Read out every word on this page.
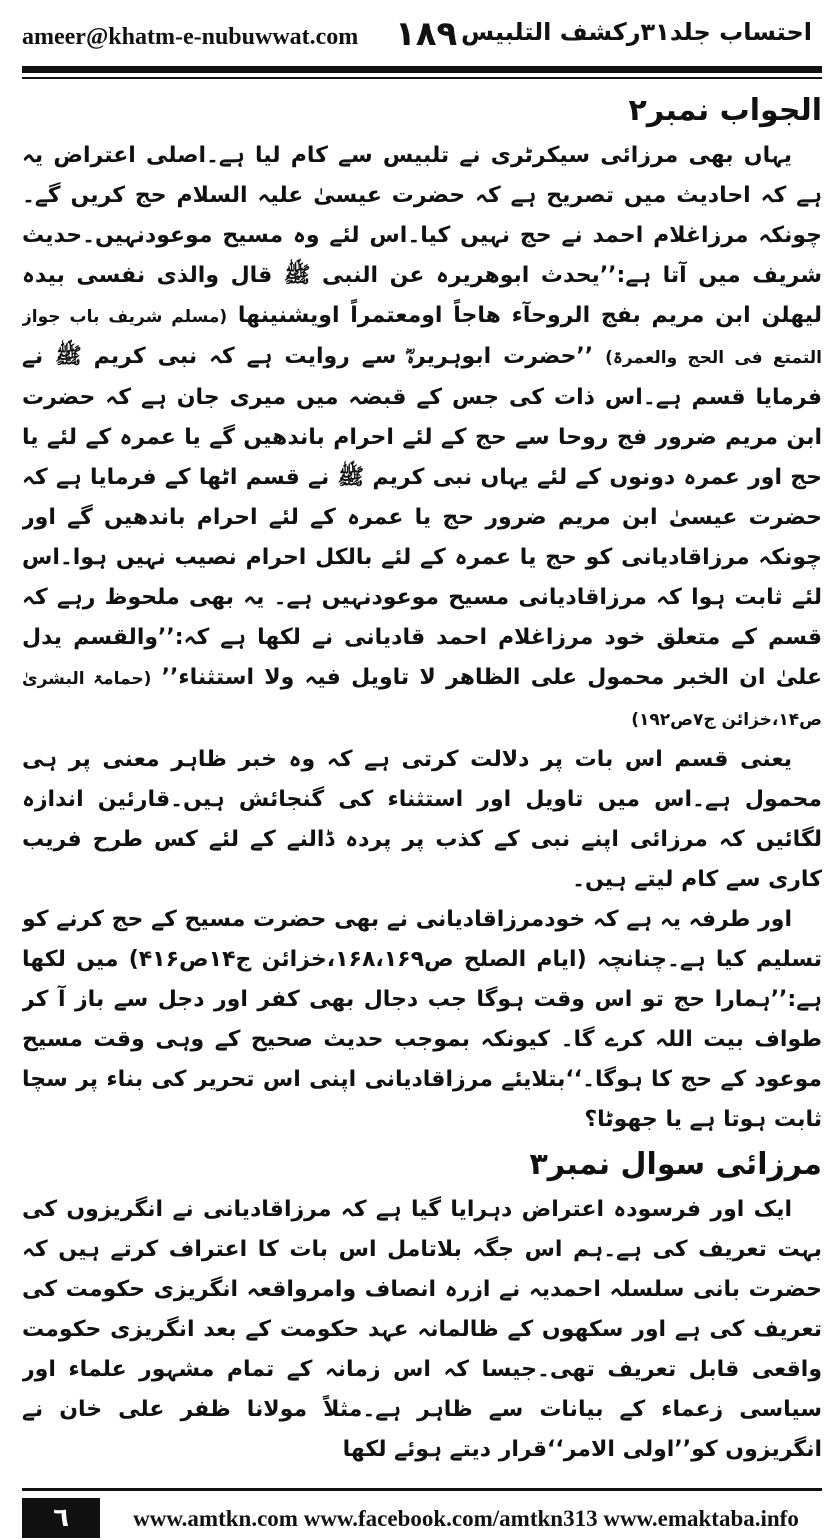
ameer@khatm-e-nubuwwat.com ۱۸۹ احتساب جلد۳۱رکشف التلبیس
الجواب نمبر۲

یہاں بھی مرزائی سیکرٹری نے تلبیس سے کام لیا ہے۔اصلی اعتراض یہ ہے کہ احادیث میں تصریح ہے کہ حضرت عیسیٰ علیہ السلام حج کریں گے۔ چونکہ مرزاغلام احمد نے حج نہیں کیا۔اس لئے وہ مسیح موعودنہیں۔حدیث شریف میں آتا ہے:’’یحدث ابوھریرہ عن النبی ﷺ قال والذی نفسی بیدہ لیھلن ابن مریم بفج الروحآء ھاجاً اومعتمراً اویشنینھا (مسلم شریف باب جواز التمتع فی الحج والعمرۃ) ’’حضرت ابوہریرہؓ سے روایت ہے کہ نبی کریم ﷺ نے فرمایا قسم ہے۔اس ذات کی جس کے قبضہ میں میری جان ہے کہ حضرت ابن مریم ضرور فج روحا سے حج کے لئے احرام باندھیں گے یا عمرہ کے لئے یا حج اور عمرہ دونوں کے لئے یہاں نبی کریم ﷺ نے قسم اٹھا کے فرمایا ہے کہ حضرت عیسیٰ ابن مریم ضرور حج یا عمرہ کے لئے احرام باندھیں گے اور چونکہ مرزاقادیانی کو حج یا عمرہ کے لئے بالکل احرام نصیب نہیں ہوا۔اس لئے ثابت ہوا کہ مرزاقادیانی مسیح موعودنہیں ہے۔ یہ بھی ملحوظ رہے کہ قسم کے متعلق خود مرزاغلام احمد قادیانی نے لکھا ہے کہ:’’والقسم یدل علیٰ ان الخبر محمول علی الظاھر لا تاویل فیہ ولا استثناء’’ (حمامۃ البشریٰ ص۱۴،خزائن ج۷ص۱۹۲)

یعنی قسم اس بات پر دلالت کرتی ہے کہ وہ خبر ظاہر معنی پر ہی محمول ہے۔اس میں تاویل اور استثناء کی گنجائش ہیں۔قارئین اندازہ لگائیں کہ مرزائی اپنے نبی کے کذب پر پردہ ڈالنے کے لئے کس طرح فریب کاری سے کام لیتے ہیں۔

اور طرفہ یہ ہے کہ خودمرزاقادیانی نے بھی حضرت مسیح کے حج کرنے کو تسلیم کیا ہے۔چنانچہ (ایام الصلح ص۱۶۸،۱۶۹،خزائن ج۱۴ص۴۱۶) میں لکھا ہے:’’ہمارا حج تو اس وقت ہوگا جب دجال بھی کفر اور دجل سے باز آ کر طواف بیت اللہ کرے گا۔ کیونکہ بموجب حدیث صحیح کے وہی وقت مسیح موعود کے حج کا ہوگا۔‘‘بتلایئے مرزاقادیانی اپنی اس تحریر کی بناء پر سچا ثابت ہوتا ہے یا جھوٹا؟

مرزائی سوال نمبر۳

ایک اور فرسودہ اعتراض دہرایا گیا ہے کہ مرزاقادیانی نے انگریزوں کی بہت تعریف کی ہے۔ہم اس جگہ بلاتامل اس بات کا اعتراف کرتے ہیں کہ حضرت بانی سلسلہ احمدیہ نے ازرہ انصاف وامرواقعہ انگریزی حکومت کی تعریف کی ہے اور سکھوں کے ظالمانہ عہد حکومت کے بعد انگریزی حکومت واقعی قابل تعریف تھی۔جیسا کہ اس زمانہ کے تمام مشہور علماء اور سیاسی زعماء کے بیانات سے ظاہر ہے۔مثلاً مولانا ظفر علی خان نے انگریزوں کو’’اولی الامر‘‘قرار دیتے ہوئے لکھا

٦	www.amtkn.com www.facebook.com/amtkn313 www.emaktaba.info
